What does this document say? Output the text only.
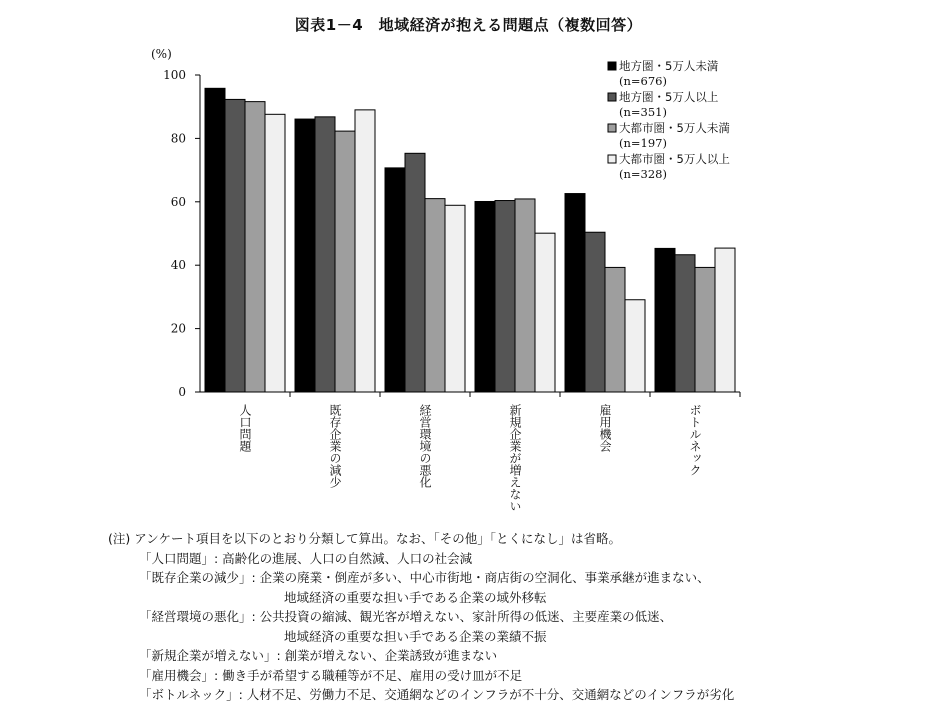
図表1－4　地域経済が抱える問題点（複数回答）
0
20
40
60
80
100
(%)
人口問題	既存企業の減少	経営環境の悪化	新規企業が増えない	雇用機会	ボトルネック
地方圏・5万人未満
(n=676)
地方圏・5万人以上
(n=351)
大都市圏・5万人未満
(n=197)
大都市圏・5万人以上
(n=328)
(注) アンケート項目を以下のとおり分類して算出。なお、「その他」「とくになし」は省略。
「人口問題」: 高齢化の進展、人口の自然減、人口の社会減
「既存企業の減少」: 企業の廃業・倒産が多い、中心市街地・商店街の空洞化、事業承継が進まない、
地域経済の重要な担い手である企業の域外移転
「経営環境の悪化」: 公共投資の縮減、観光客が増えない、家計所得の低迷、主要産業の低迷、
地域経済の重要な担い手である企業の業績不振
「新規企業が増えない」: 創業が増えない、企業誘致が進まない
「雇用機会」: 働き手が希望する職種等が不足、雇用の受け皿が不足
「ボトルネック」: 人材不足、労働力不足、交通網などのインフラが不十分、交通網などのインフラが劣化
